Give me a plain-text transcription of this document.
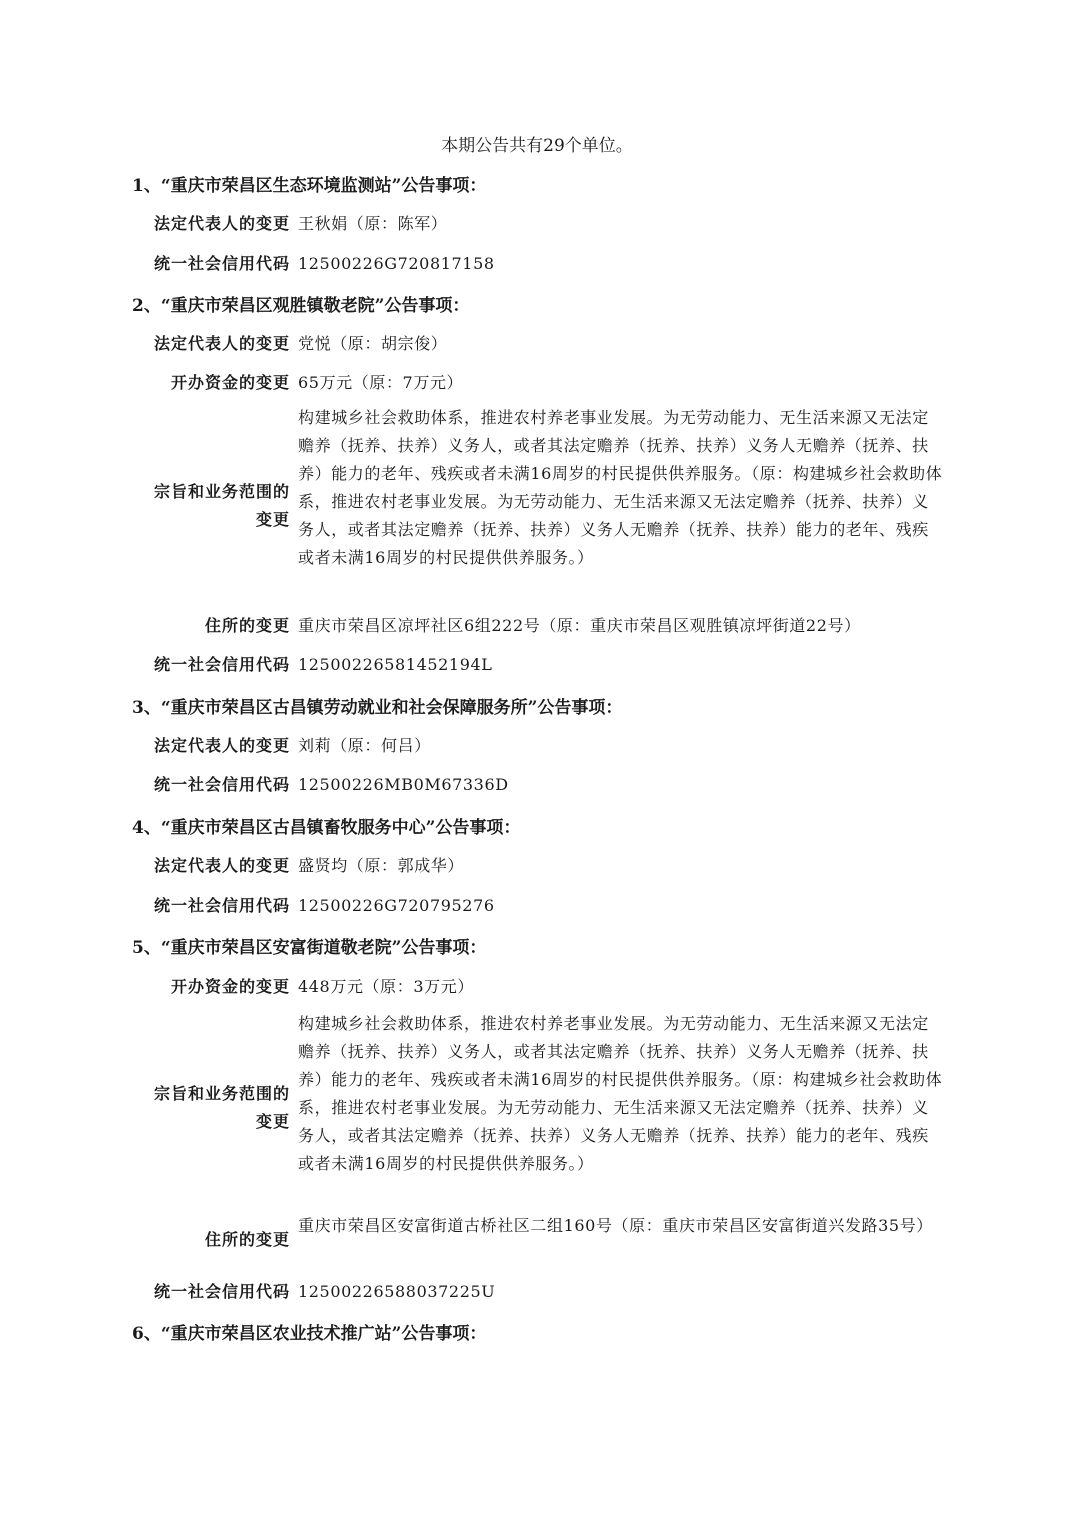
本期公告共有29个单位。
1、“重庆市荣昌区生态环境监测站”公告事项：
法定代表人的变更 王秋娟（原：陈军）
统一社会信用代码 12500226G720817158
2、“重庆市荣昌区观胜镇敬老院”公告事项：
法定代表人的变更 党悦（原：胡宗俊）
开办资金的变更 65万元（原：7万元）
宗旨和业务范围的变更
构建城乡社会救助体系，推进农村养老事业发展。为无劳动能力、无生活来源又无法定赡养（抚养、扶养）义务人，或者其法定赡养（抚养、扶养）义务人无赡养（抚养、扶养）能力的老年、残疾或者未满16周岁的村民提供供养服务。（原：构建城乡社会救助体系，推进农村老事业发展。为无劳动能力、无生活来源又无法定赡养（抚养、扶养）义务人，或者其法定赡养（抚养、扶养）义务人无赡养（抚养、扶养）能力的老年、残疾或者未满16周岁的村民提供供养服务。）
住所的变更 重庆市荣昌区凉坪社区6组222号（原：重庆市荣昌区观胜镇凉坪街道22号）
统一社会信用代码 12500226581452194L
3、“重庆市荣昌区古昌镇劳动就业和社会保障服务所”公告事项：
法定代表人的变更 刘莉（原：何吕）
统一社会信用代码 12500226MB0M67336D
4、“重庆市荣昌区古昌镇畜牧服务中心”公告事项：
法定代表人的变更 盛贤均（原：郭成华）
统一社会信用代码 12500226G720795276
5、“重庆市荣昌区安富街道敬老院”公告事项：
开办资金的变更 448万元（原：3万元）
宗旨和业务范围的变更
构建城乡社会救助体系，推进农村养老事业发展。为无劳动能力、无生活来源又无法定赡养（抚养、扶养）义务人，或者其法定赡养（抚养、扶养）义务人无赡养（抚养、扶养）能力的老年、残疾或者未满16周岁的村民提供供养服务。（原：构建城乡社会救助体系，推进农村老事业发展。为无劳动能力、无生活来源又无法定赡养（抚养、扶养）义务人，或者其法定赡养（抚养、扶养）义务人无赡养（抚养、扶养）能力的老年、残疾或者未满16周岁的村民提供供养服务。）
住所的变更
重庆市荣昌区安富街道古桥社区二组160号（原：重庆市荣昌区安富街道兴发路35号）
统一社会信用代码 12500226588037225U
6、“重庆市荣昌区农业技术推广站”公告事项：
